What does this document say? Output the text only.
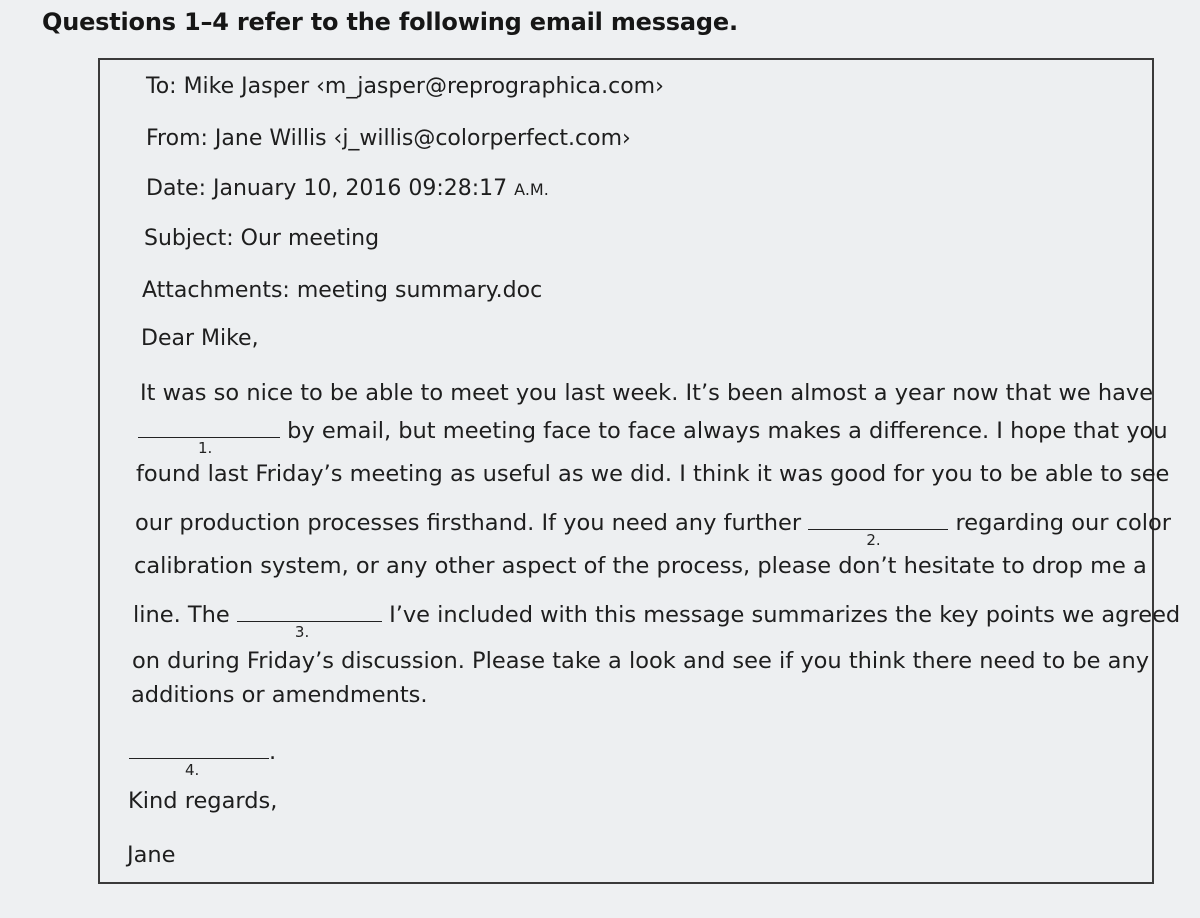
Questions 1–4 refer to the following email message.
To: Mike Jasper ‹m_jasper@reprographica.com›
From: Jane Willis ‹j_willis@colorperfect.com›
Date: January 10, 2016 09:28:17 A.M.
Subject: Our meeting
Attachments: meeting summary.doc
Dear Mike,
It was so nice to be able to meet you last week. It’s been almost a year now that we have
1.
by email, but meeting face to face always makes a difference. I hope that you
found last Friday’s meeting as useful as we did. I think it was good for you to be able to see
our production processes firsthand. If you need any further
2.
regarding our color
calibration system, or any other aspect of the process, please don’t hesitate to drop me a
line. The
3.
I’ve included with this message summarizes the key points we agreed
on during Friday’s discussion. Please take a look and see if you think there need to be any
additions or amendments.
4.
.
Kind regards,
Jane
